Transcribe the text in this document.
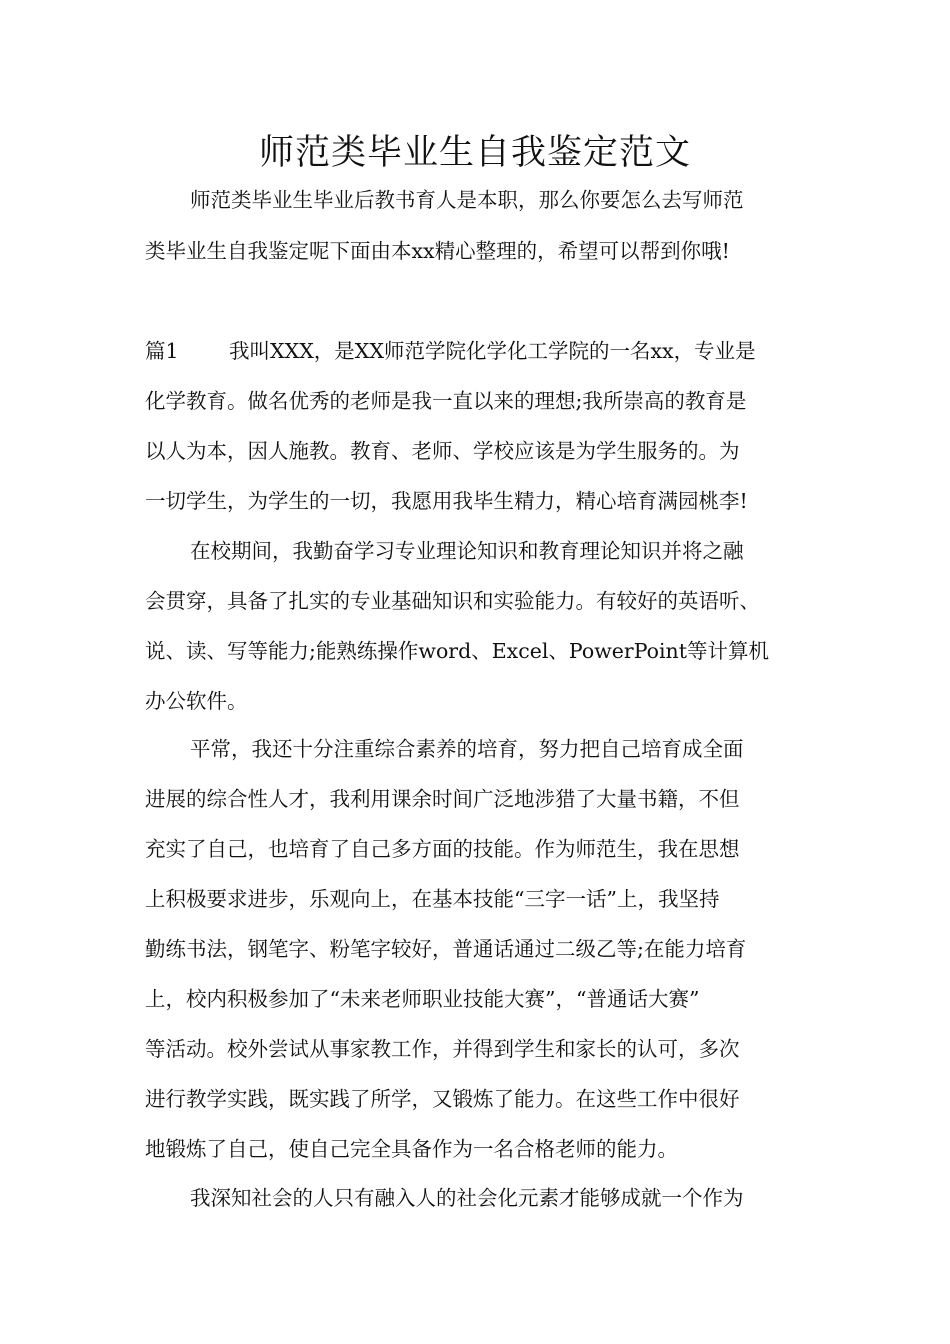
师范类毕业生自我鉴定范文

师范类毕业生毕业后教书育人是本职，那么你要怎么去写师范

类毕业生自我鉴定呢下面由本xx精心整理的，希望可以帮到你哦!

篇1 我叫XXX，是XX师范学院化学化工学院的一名xx，专业是

化学教育。做名优秀的老师是我一直以来的理想;我所崇高的教育是

以人为本，因人施教。教育、老师、学校应该是为学生服务的。为

一切学生，为学生的一切，我愿用我毕生精力，精心培育满园桃李!

在校期间，我勤奋学习专业理论知识和教育理论知识并将之融

会贯穿，具备了扎实的专业基础知识和实验能力。有较好的英语听、

说、读、写等能力;能熟练操作word、Excel、PowerPoint等计算机

办公软件。

平常，我还十分注重综合素养的培育，努力把自己培育成全面

进展的综合性人才，我利用课余时间广泛地涉猎了大量书籍，不但

充实了自己，也培育了自己多方面的技能。作为师范生，我在思想

上积极要求进步，乐观向上，在基本技能“三字一话”上，我坚持

勤练书法，钢笔字、粉笔字较好，普通话通过二级乙等;在能力培育

上，校内积极参加了“未来老师职业技能大赛”，“普通话大赛”

等活动。校外尝试从事家教工作，并得到学生和家长的认可，多次

进行教学实践，既实践了所学，又锻炼了能力。在这些工作中很好

地锻炼了自己，使自己完全具备作为一名合格老师的能力。

我深知社会的人只有融入人的社会化元素才能够成就一个作为
